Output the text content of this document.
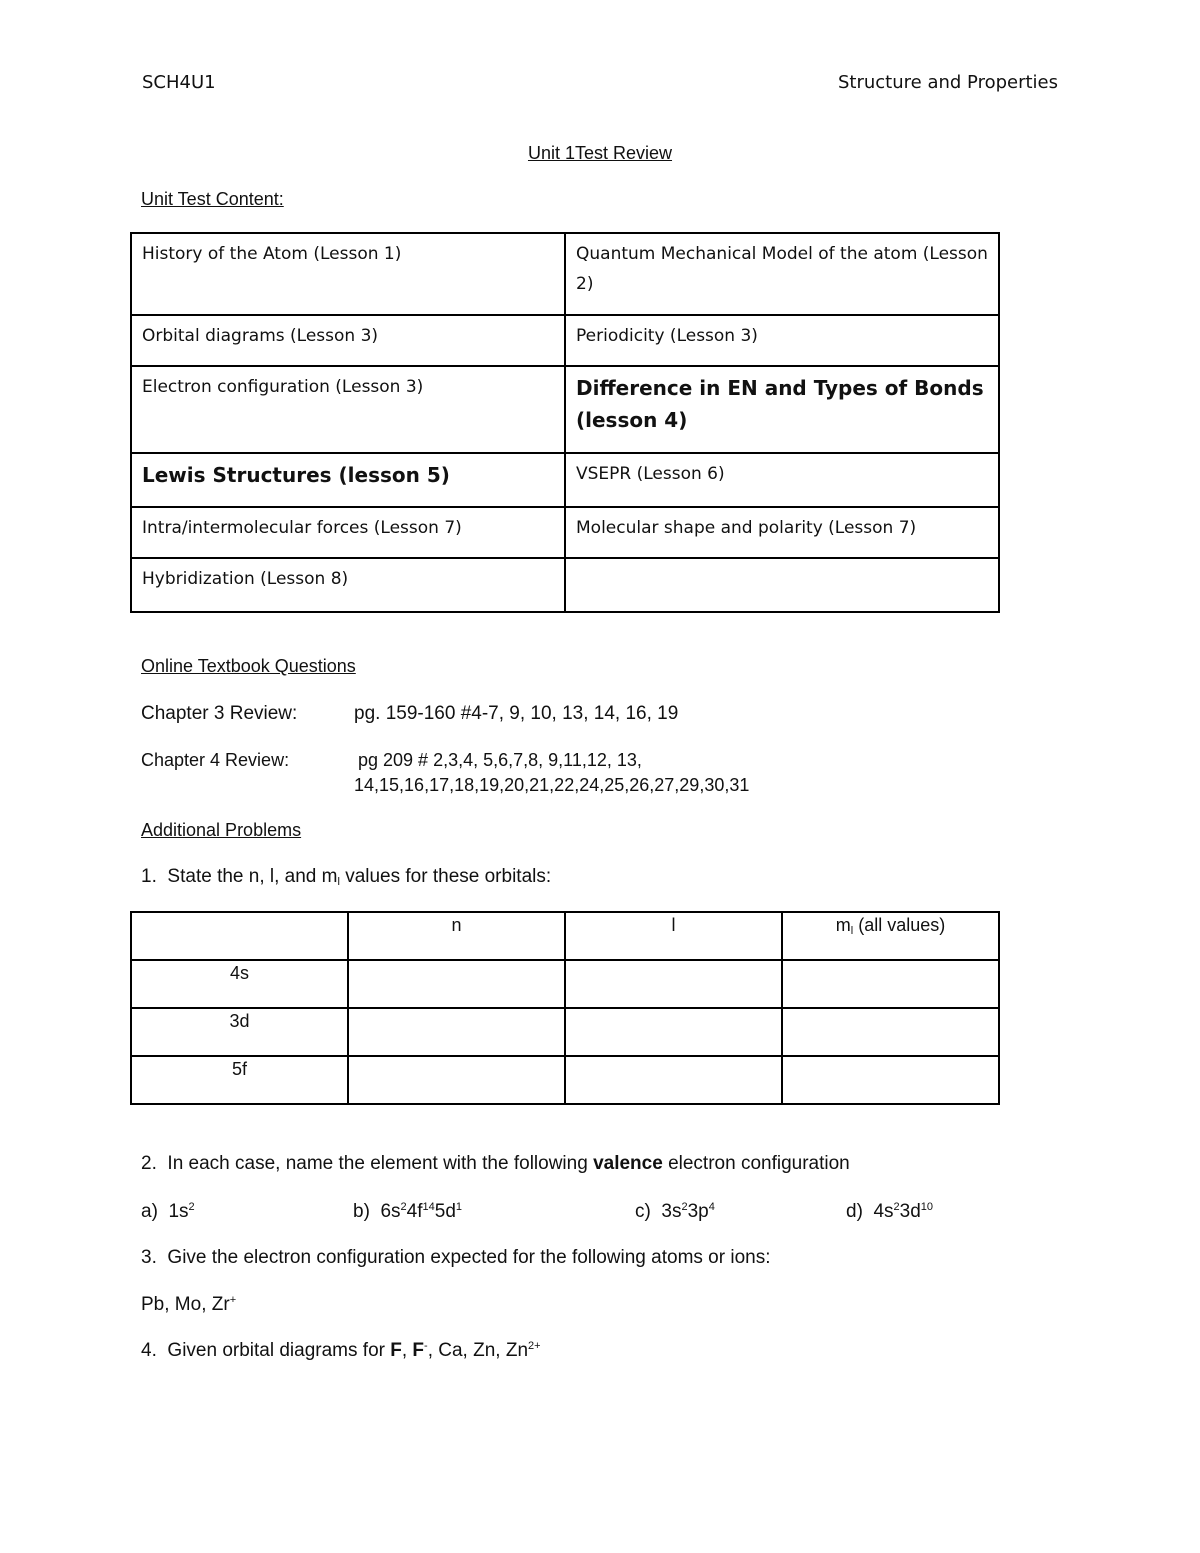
SCH4U1	Structure and Properties
Unit 1Test Review
Unit Test Content:
History of the Atom (Lesson 1)	Quantum Mechanical Model of the atom (Lesson 2)
Orbital diagrams (Lesson 3)	Periodicity (Lesson 3)
Electron configuration (Lesson 3)	Difference in EN and Types of Bonds (lesson 4)
Lewis Structures (lesson 5)	VSEPR (Lesson 6)
Intra/intermolecular forces (Lesson 7)	Molecular shape and polarity (Lesson 7)
Hybridization (Lesson 8)	
Online Textbook Questions
Chapter 3 Review:	pg. 159-160 #4-7, 9, 10, 13, 14, 16, 19
Chapter 4 Review:	pg 209 # 2,3,4, 5,6,7,8, 9,11,12, 13,
14,15,16,17,18,19,20,21,22,24,25,26,27,29,30,31
Additional Problems
1. State the n, l, and $m_l$ values for these orbitals:
	n	l	$m_l$ (all values)
4s			
3d			
5f			
2. In each case, name the element with the following valence electron configuration
a)  $1s^2$	b)  $6s^24f^{14}5d^1$	c)  $3s^23p^4$	d)  $4s^23d^{10}$
3. Give the electron configuration expected for the following atoms or ions:
Pb, Mo, Zr+
4. Given orbital diagrams for F, F-, Ca, Zn, $Zn^{2+}$
